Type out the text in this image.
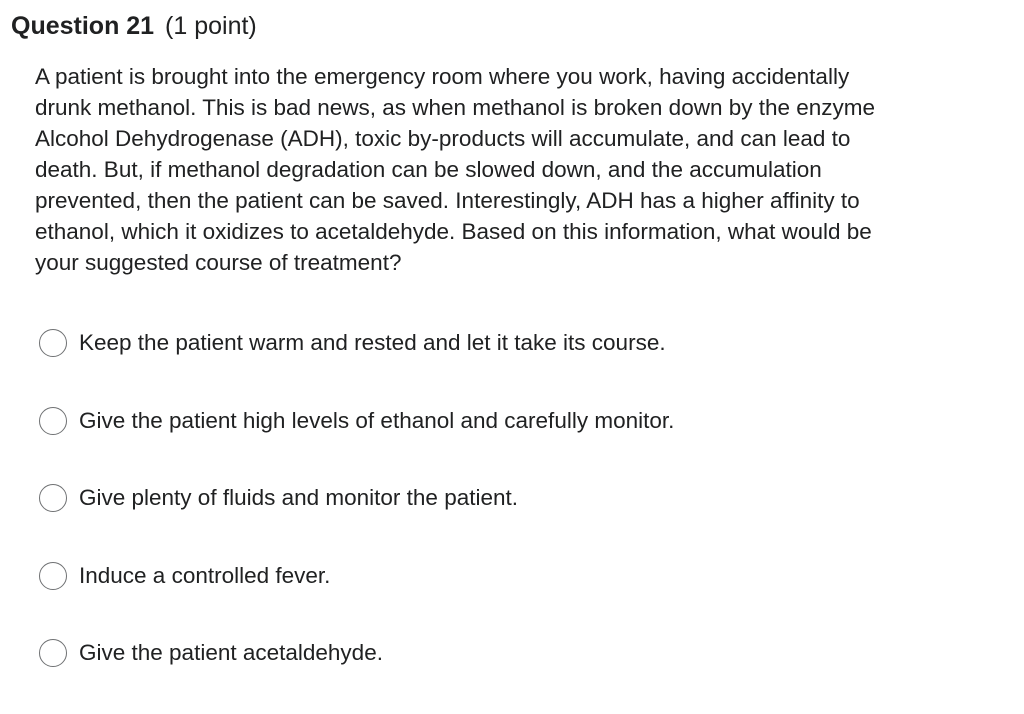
Question 21 (1 point)
A patient is brought into the emergency room where you work, having accidentally
drunk methanol. This is bad news, as when methanol is broken down by the enzyme
Alcohol Dehydrogenase (ADH), toxic by-products will accumulate, and can lead to
death. But, if methanol degradation can be slowed down, and the accumulation
prevented, then the patient can be saved. Interestingly, ADH has a higher affinity to
ethanol, which it oxidizes to acetaldehyde. Based on this information, what would be
your suggested course of treatment?
Keep the patient warm and rested and let it take its course.
Give the patient high levels of ethanol and carefully monitor.
Give plenty of fluids and monitor the patient.
Induce a controlled fever.
Give the patient acetaldehyde.
